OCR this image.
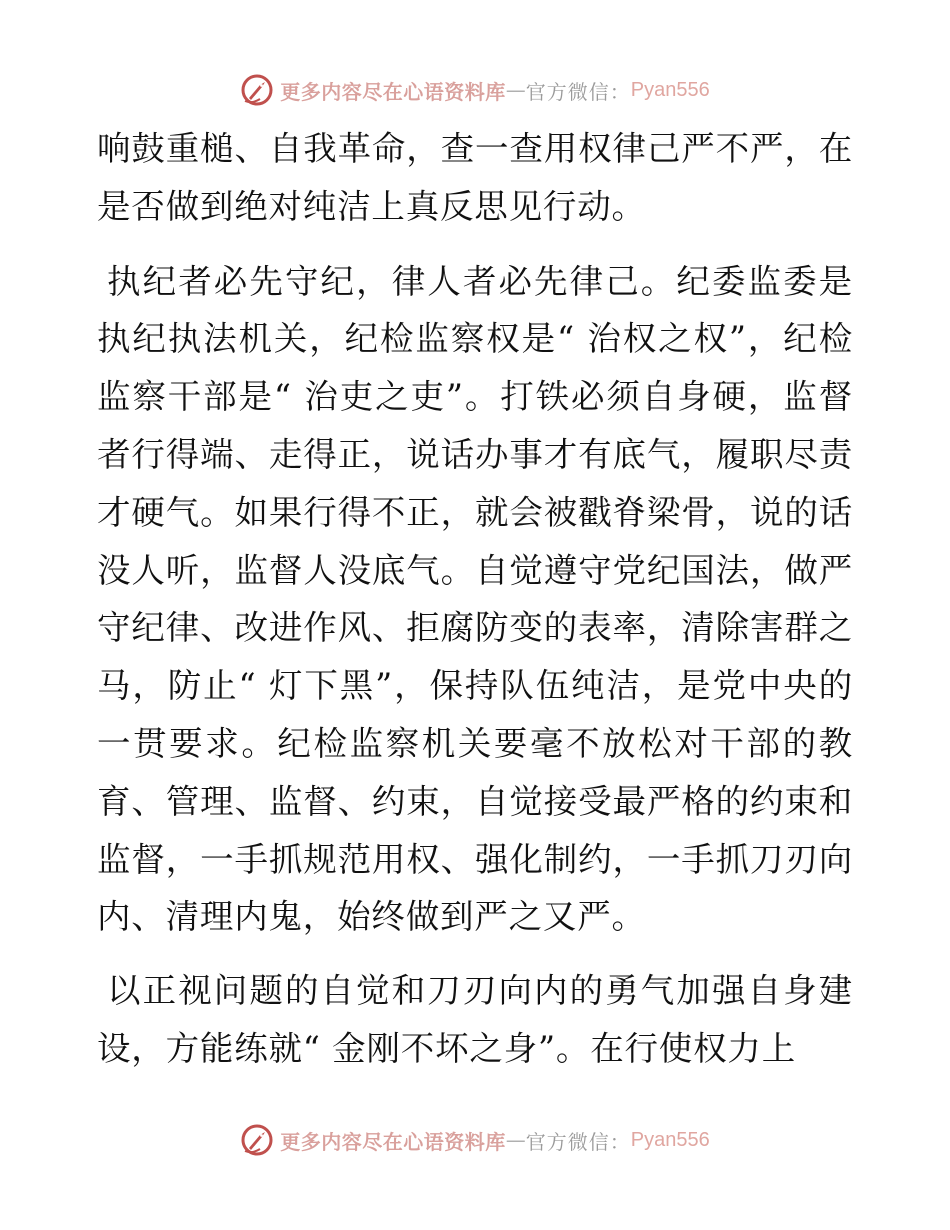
更多内容尽在心语资料库 — 官方微信： Pyan556

响鼓重槌、自我革命，查一查用权律己严不严，在是否做到绝对纯洁上真反思见行动。

执纪者必先守纪，律人者必先律己。纪委监委是执纪执法机关，纪检监察权是“ 治权之权”，纪检监察干部是“ 治吏之吏”。打铁必须自身硬，监督者行得端、走得正，说话办事才有底气，履职尽责才硬气。如果行得不正，就会被戳脊梁骨，说的话没人听，监督人没底气。自觉遵守党纪国法，做严守纪律、改进作风、拒腐防变的表率，清除害群之马，防止“ 灯下黑”，保持队伍纯洁，是党中央的一贯要求。纪检监察机关要毫不放松对干部的教育、管理、监督、约束，自觉接受最严格的约束和监督，一手抓规范用权、强化制约，一手抓刀刃向内、清理内鬼，始终做到严之又严。

以正视问题的自觉和刀刃向内的勇气加强自身建设，方能练就“ 金刚不坏之身”。在行使权力上

更多内容尽在心语资料库 — 官方微信： Pyan556
